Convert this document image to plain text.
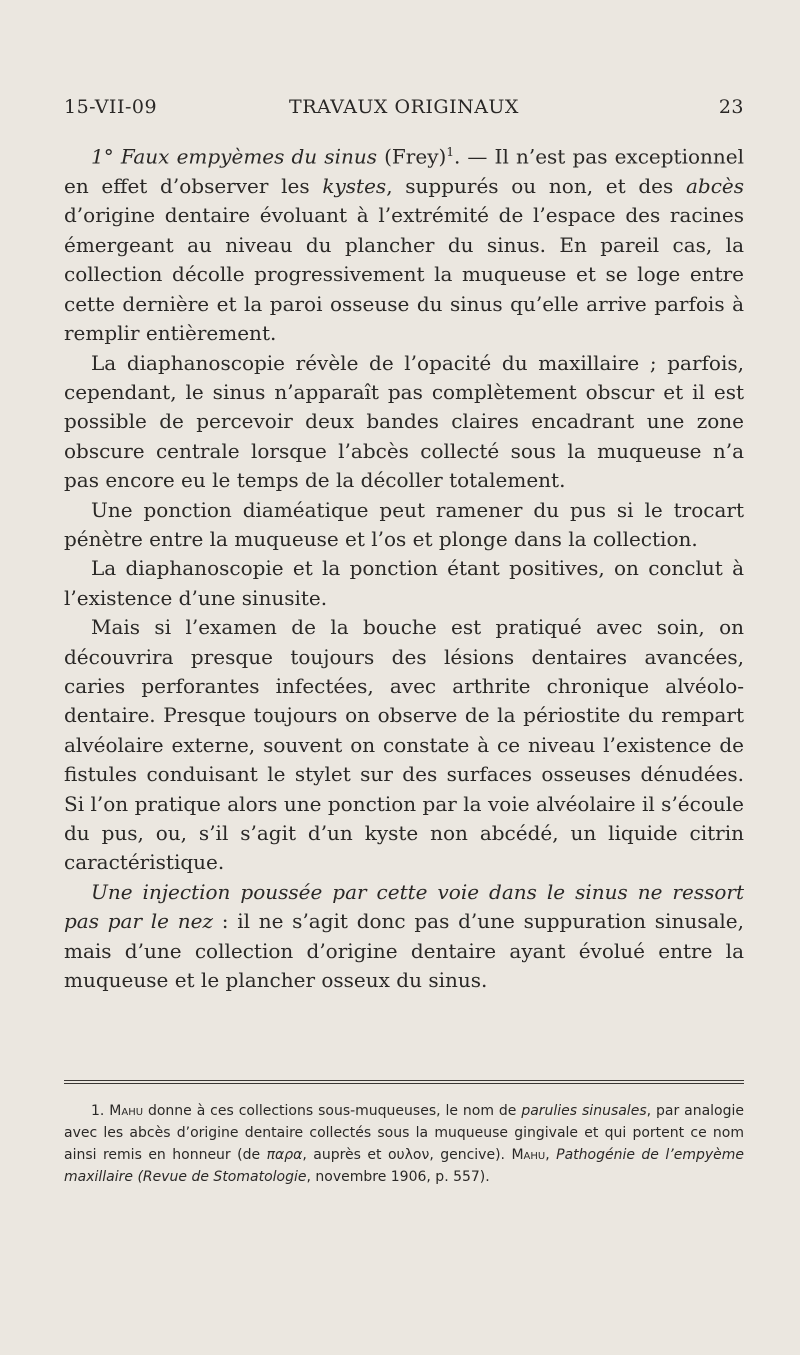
15-VII-09	TRAVAUX ORIGINAUX	23

1° Faux empyèmes du sinus (Frey)$^1$. — Il n’est pas exceptionnel en effet d’observer les kystes, suppurés ou non, et des abcès d’origine dentaire évoluant à l’extrémité de l’espace des racines émergeant au niveau du plancher du sinus. En pareil cas, la collection décolle progressivement la muqueuse et se loge entre cette dernière et la paroi osseuse du sinus qu’elle arrive parfois à remplir entièrement.

La diaphanoscopie révèle de l’opacité du maxillaire ; parfois, cependant, le sinus n’apparaît pas complètement obscur et il est possible de percevoir deux bandes claires encadrant une zone obscure centrale lorsque l’abcès collecté sous la muqueuse n’a pas encore eu le temps de la décoller totalement.

Une ponction diaméatique peut ramener du pus si le trocart pénètre entre la muqueuse et l’os et plonge dans la collection.

La diaphanoscopie et la ponction étant positives, on conclut à l’existence d’une sinusite.

Mais si l’examen de la bouche est pratiqué avec soin, on découvrira presque toujours des lésions dentaires avancées, caries perforantes infectées, avec arthrite chronique alvéolo-dentaire. Presque toujours on observe de la périostite du rempart alvéolaire externe, souvent on constate à ce niveau l’existence de fistules conduisant le stylet sur des surfaces osseuses dénudées. Si l’on pratique alors une ponction par la voie alvéolaire il s’écoule du pus, ou, s’il s’agit d’un kyste non abcédé, un liquide citrin caractéristique.

Une injection poussée par cette voie dans le sinus ne ressort pas par le nez : il ne s’agit donc pas d’une suppuration sinusale, mais d’une collection d’origine dentaire ayant évolué entre la muqueuse et le plancher osseux du sinus.

1. Mahu donne à ces collections sous-muqueuses, le nom de parulies sinusales, par analogie avec les abcès d’origine dentaire collectés sous la muqueuse gingivale et qui portent ce nom ainsi remis en honneur (de παρα, auprès et ουλον, gencive). Mahu, Pathogénie de l’empyème maxillaire (Revue de Stomatologie, novembre 1906, p. 557).
